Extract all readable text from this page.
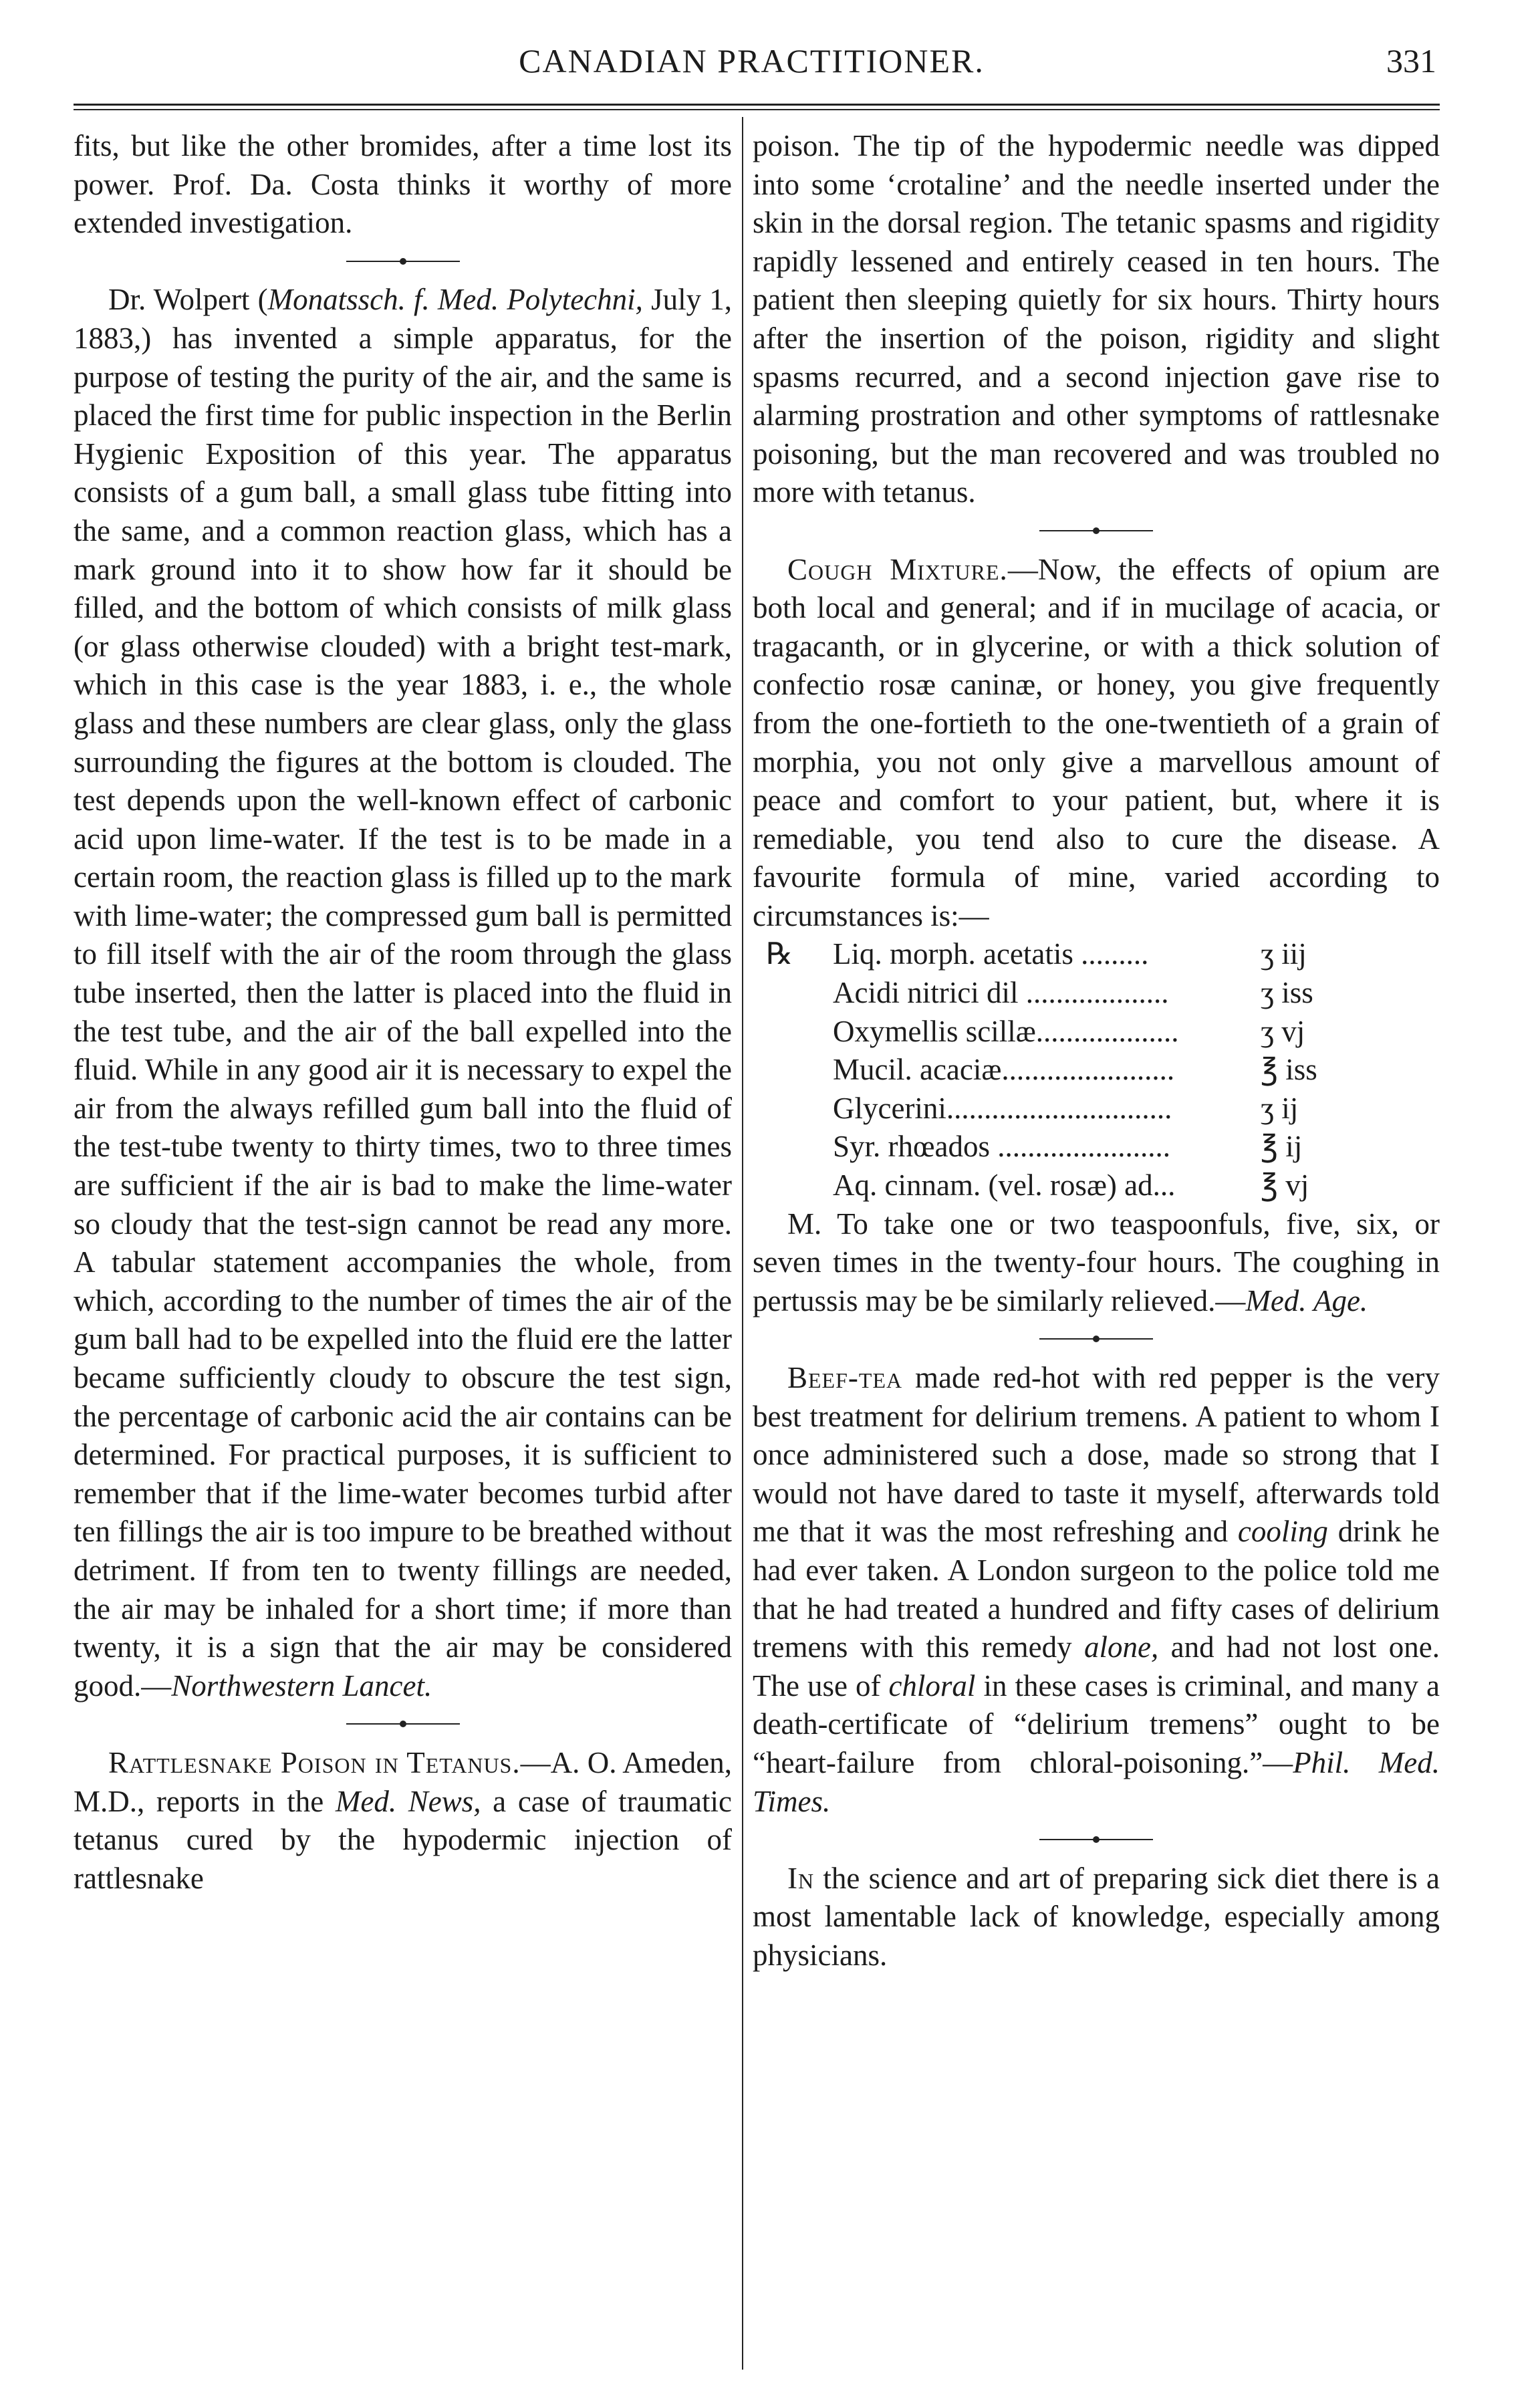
CANADIAN PRACTITIONER.	331

fits, but like the other bromides, after a time lost its power. Prof. Da. Costa thinks it worthy of more extended investigation.

Dr. Wolpert (Monatssch. f. Med. Polytechni, July 1, 1883,) has invented a simple apparatus, for the purpose of testing the purity of the air, and the same is placed the first time for public inspection in the Berlin Hygienic Exposition of this year. The apparatus consists of a gum ball, a small glass tube fitting into the same, and a common reaction glass, which has a mark ground into it to show how far it should be filled, and the bottom of which consists of milk glass (or glass otherwise clouded) with a bright test-mark, which in this case is the year 1883, i. e., the whole glass and these numbers are clear glass, only the glass surrounding the figures at the bottom is clouded. The test depends upon the well-known effect of carbonic acid upon lime-water. If the test is to be made in a certain room, the reaction glass is filled up to the mark with lime-water; the compressed gum ball is permitted to fill itself with the air of the room through the glass tube inserted, then the latter is placed into the fluid in the test tube, and the air of the ball expelled into the fluid. While in any good air it is necessary to expel the air from the always refilled gum ball into the fluid of the test-tube twenty to thirty times, two to three times are sufficient if the air is bad to make the lime-water so cloudy that the test-sign cannot be read any more. A tabular statement accompanies the whole, from which, according to the number of times the air of the gum ball had to be expelled into the fluid ere the latter became sufficiently cloudy to obscure the test sign, the percentage of carbonic acid the air contains can be determined. For practical purposes, it is sufficient to remember that if the lime-water becomes turbid after ten fillings the air is too impure to be breathed without detriment. If from ten to twenty fillings are needed, the air may be inhaled for a short time; if more than twenty, it is a sign that the air may be considered good.—Northwestern Lancet.

Rattlesnake Poison in Tetanus.—A. O. Ameden, M.D., reports in the Med. News, a case of traumatic tetanus cured by the hypodermic injection of rattlesnake

poison. The tip of the hypodermic needle was dipped into some ‘crotaline’ and the needle inserted under the skin in the dorsal region. The tetanic spasms and rigidity rapidly lessened and entirely ceased in ten hours. The patient then sleeping quietly for six hours. Thirty hours after the insertion of the poison, rigidity and slight spasms recurred, and a second injection gave rise to alarming prostration and other symptoms of rattlesnake poisoning, but the man recovered and was troubled no more with tetanus.

Cough Mixture.—Now, the effects of opium are both local and general; and if in mucilage of acacia, or tragacanth, or in glycerine, or with a thick solution of confectio rosæ caninæ, or honey, you give frequently from the one-fortieth to the one-twentieth of a grain of morphia, you not only give a marvellous amount of peace and comfort to your patient, but, where it is remediable, you tend also to cure the disease. A favourite formula of mine, varied according to circumstances is:—

℞	Liq. morph. acetatis .........	ʒ iij
Acidi nitrici dil ...................	ʒ iss
Oxymellis scillæ...................	ʒ vj
Mucil. acaciæ.......................	℥ iss
Glycerini..............................	ʒ ij
Syr. rhœados .......................	℥ ij
Aq. cinnam. (vel. rosæ) ad...	℥ vj

M. To take one or two teaspoonfuls, five, six, or seven times in the twenty-four hours. The coughing in pertussis may be be similarly relieved.—Med. Age.

Beef-tea made red-hot with red pepper is the very best treatment for delirium tremens. A patient to whom I once administered such a dose, made so strong that I would not have dared to taste it myself, afterwards told me that it was the most refreshing and cooling drink he had ever taken. A London surgeon to the police told me that he had treated a hundred and fifty cases of delirium tremens with this remedy alone, and had not lost one. The use of chloral in these cases is criminal, and many a death-certificate of “delirium tremens” ought to be “heart-failure from chloral-poisoning.”—Phil. Med. Times.

In the science and art of preparing sick diet there is a most lamentable lack of knowledge, especially among physicians.
